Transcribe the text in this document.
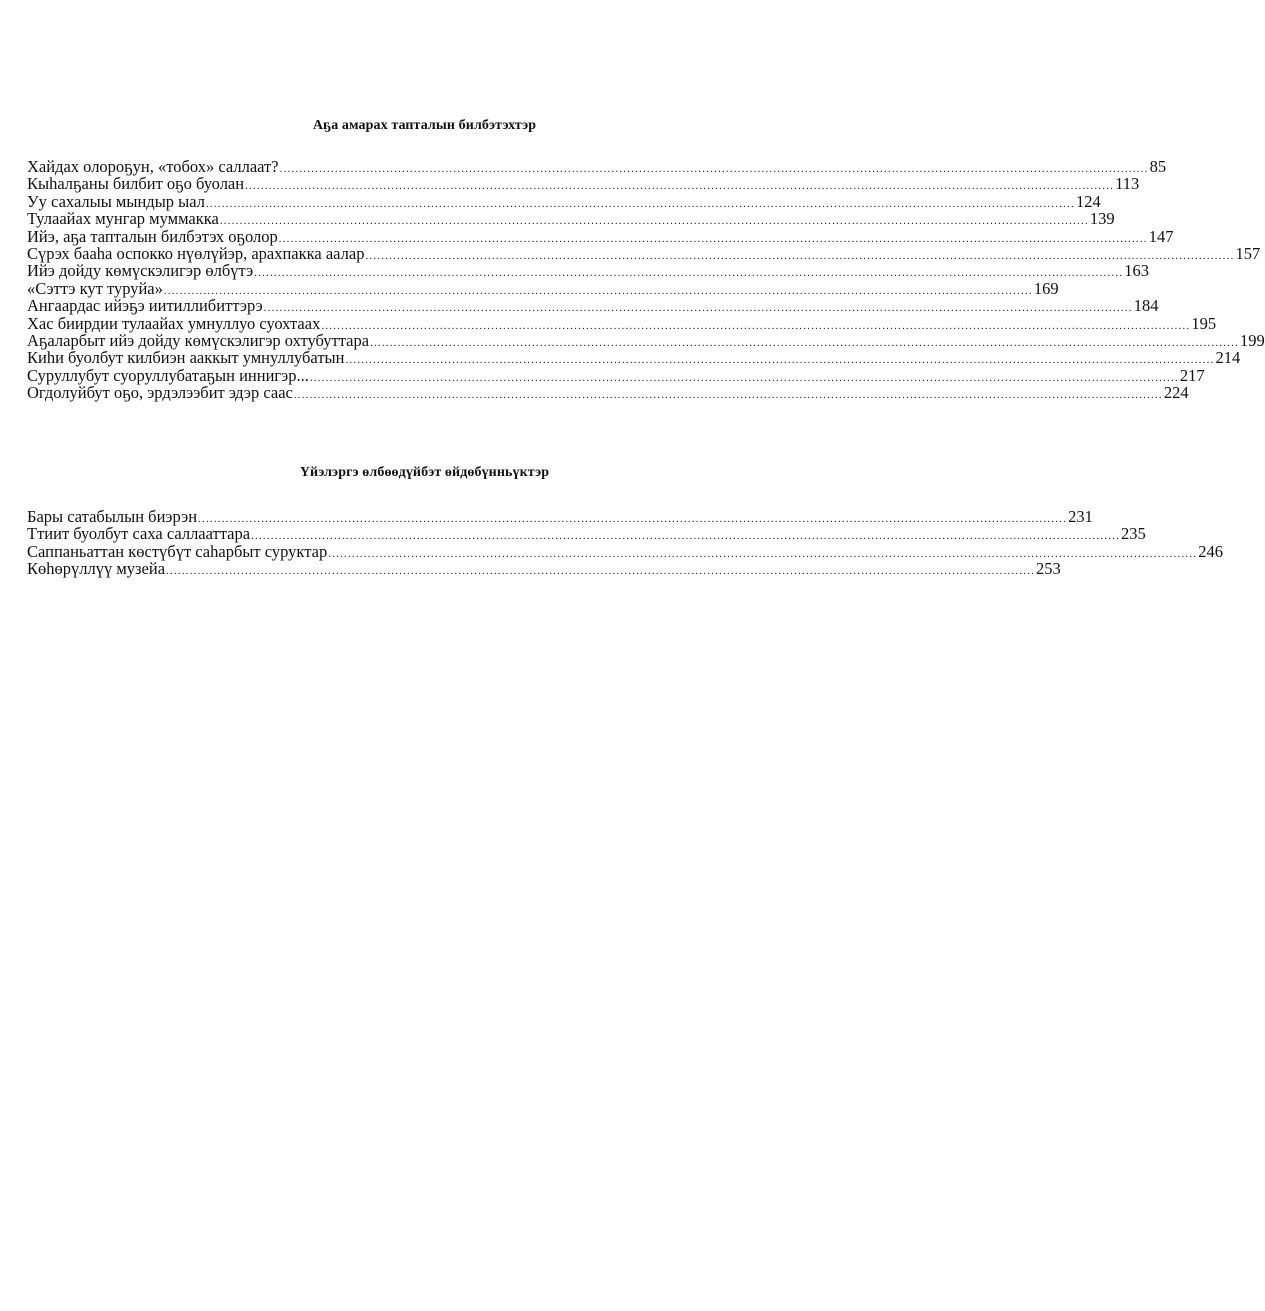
Аҕа амарах тапталын билбэтэхтэр
Хайдах олороҕун, «тобох» саллаат? ............................................................................................................................................................................................................................ 85
Кыһалҕаны билбит оҕо буолан ............................................................................................................................................................................................................................ 113
Уу сахалыы мындыр ыал ............................................................................................................................................................................................................................ 124
Тулаайах мунгар муммакка ............................................................................................................................................................................................................................ 139
Ийэ, аҕа тапталын билбэтэх оҕолор ............................................................................................................................................................................................................................ 147
Сүрэх бааһа оспокко нүөлүйэр, арахпакка аалар ............................................................................................................................................................................................................................ 157
Ийэ дойду көмүскэлигэр өлбүтэ ............................................................................................................................................................................................................................ 163
«Сэттэ кут туруйа» ............................................................................................................................................................................................................................ 169
Ангаардас ийэҕэ иитиллибиттэрэ ............................................................................................................................................................................................................................ 184
Хас биирдии тулаайах умнуллуо суохтаах ............................................................................................................................................................................................................................ 195
Аҕаларбыт ийэ дойду көмүскэлигэр охтубуттара ............................................................................................................................................................................................................................ 199
Киһи буолбут килбиэн ааккыт умнуллубатын ............................................................................................................................................................................................................................ 214
Суруллубут суоруллубатаҕын иннигэр... ............................................................................................................................................................................................................................ 217
Огдолуйбут оҕо, эрдэлээбит эдэр саас ............................................................................................................................................................................................................................ 224
Үйэлэргэ өлбөөдүйбэт өйдөбүнньүктэр
Бары сатабылын биэрэн ............................................................................................................................................................................................................................ 231
Ттиит буолбут саха саллааттара ............................................................................................................................................................................................................................ 235
Саппаньаттан көстүбүт саһарбыт суруктар ............................................................................................................................................................................................................................ 246
Көһөрүллүү музейа ............................................................................................................................................................................................................................ 253
